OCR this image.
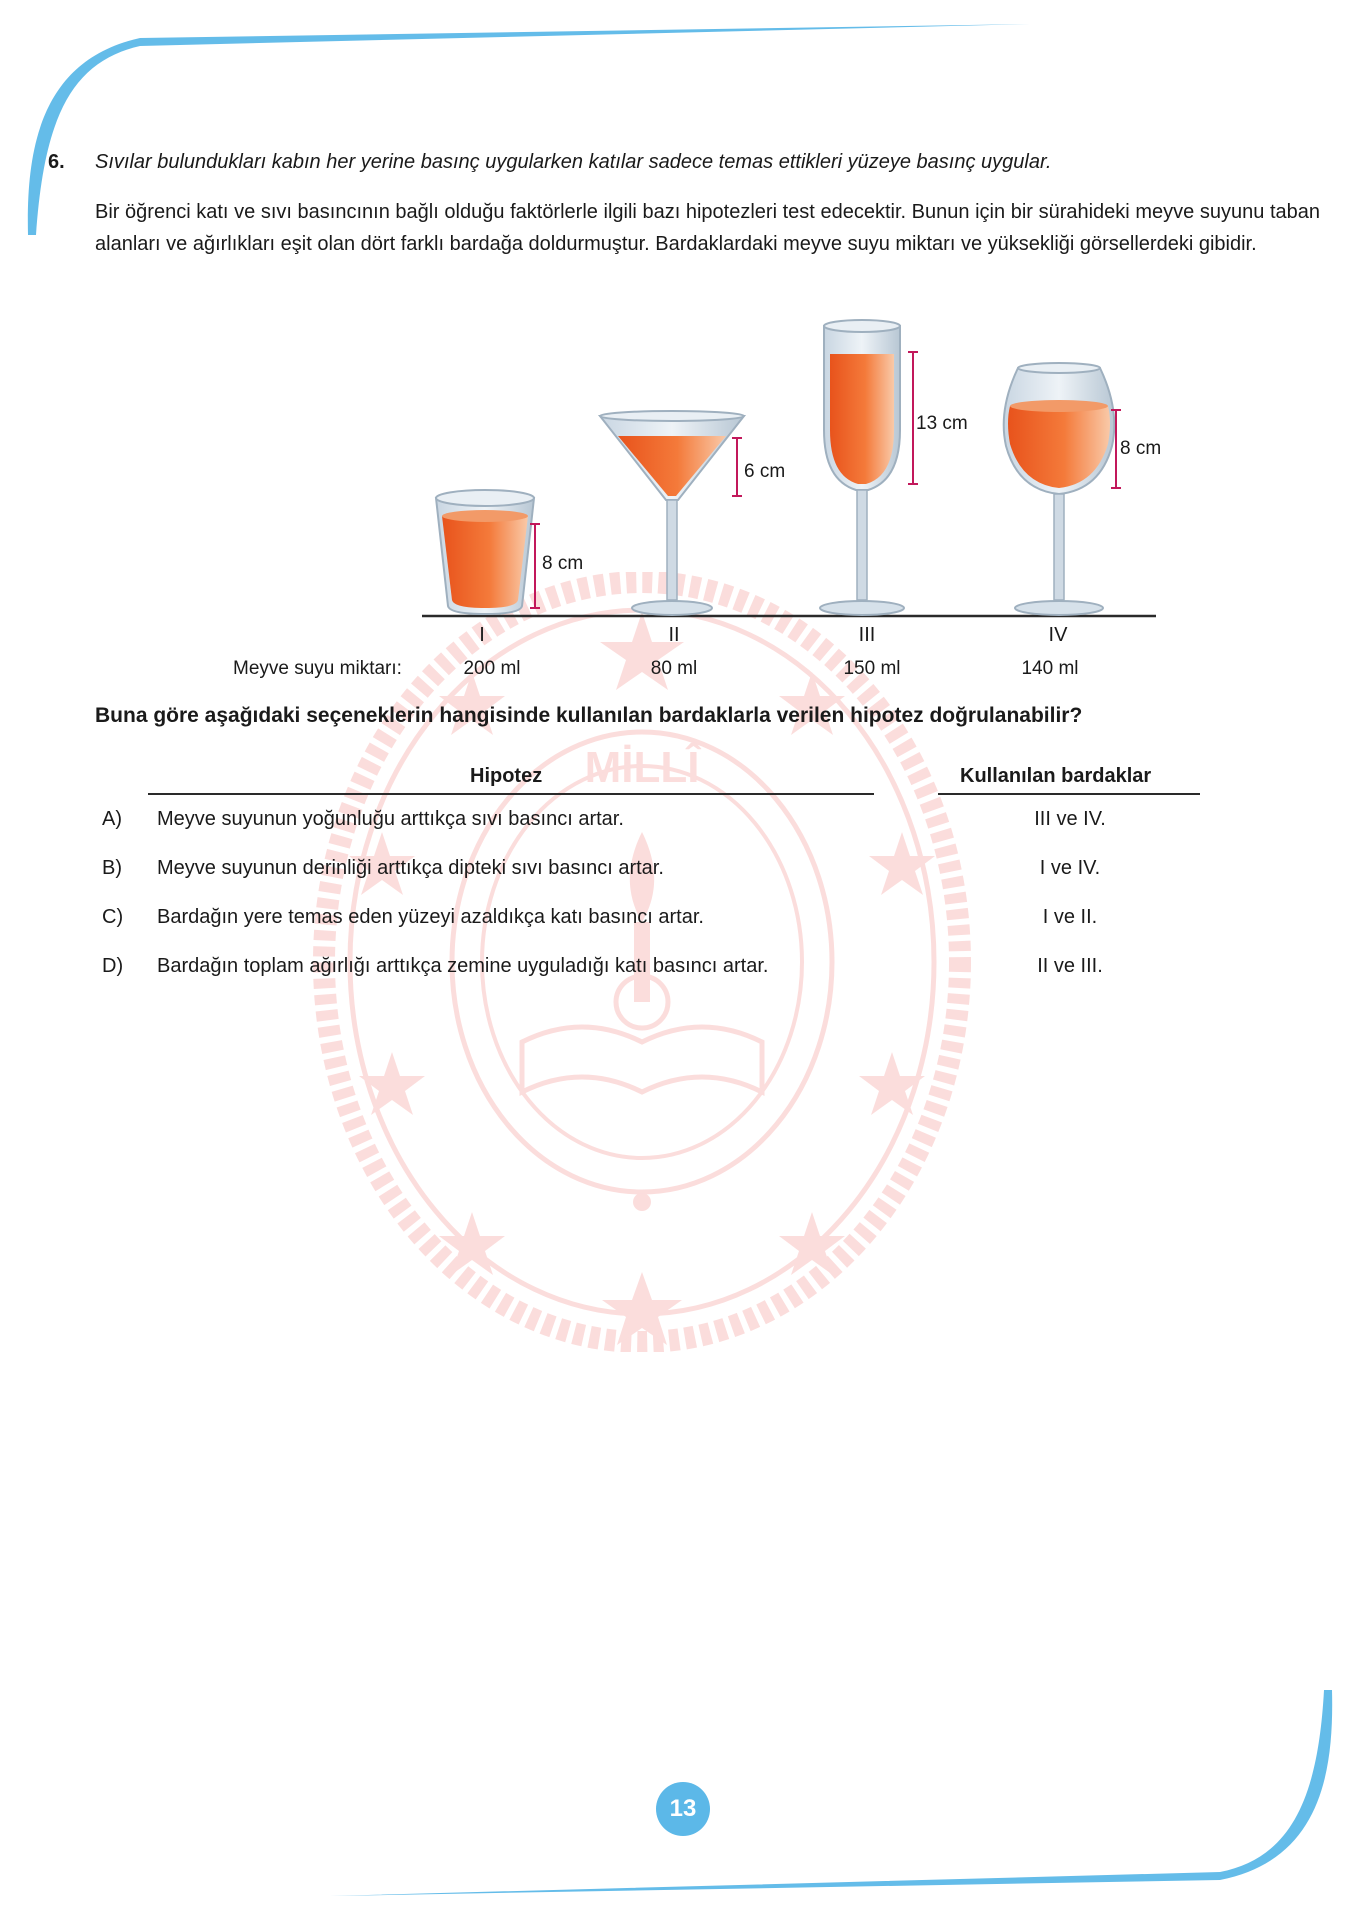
MİLLÎ
6. Sıvılar bulundukları kabın her yerine basınç uygularken katılar sadece temas ettikleri yüzeye basınç uygular.
Bir öğrenci katı ve sıvı basıncının bağlı olduğu faktörlerle ilgili bazı hipotezleri test edecektir. Bunun için bir sürahideki meyve suyunu taban alanları ve ağırlıkları eşit olan dört farklı bardağa doldurmuştur. Bardaklardaki meyve suyu miktarı ve yüksekliği görsellerdeki gibidir.
8 cm
6 cm
13 cm
8 cm
I	II	III	IV
Meyve suyu miktarı:	200 ml	80 ml	150 ml	140 ml
Buna göre aşağıdaki seçeneklerin hangisinde kullanılan bardaklarla verilen hipotez doğrulanabilir?
Hipotez	Kullanılan bardaklar
A) Meyve suyunun yoğunluğu arttıkça sıvı basıncı artar.	III ve IV.
B) Meyve suyunun derinliği arttıkça dipteki sıvı basıncı artar.	I ve IV.
C) Bardağın yere temas eden yüzeyi azaldıkça katı basıncı artar.	I ve II.
D) Bardağın toplam ağırlığı arttıkça zemine uyguladığı katı basıncı artar.	II ve III.
13
